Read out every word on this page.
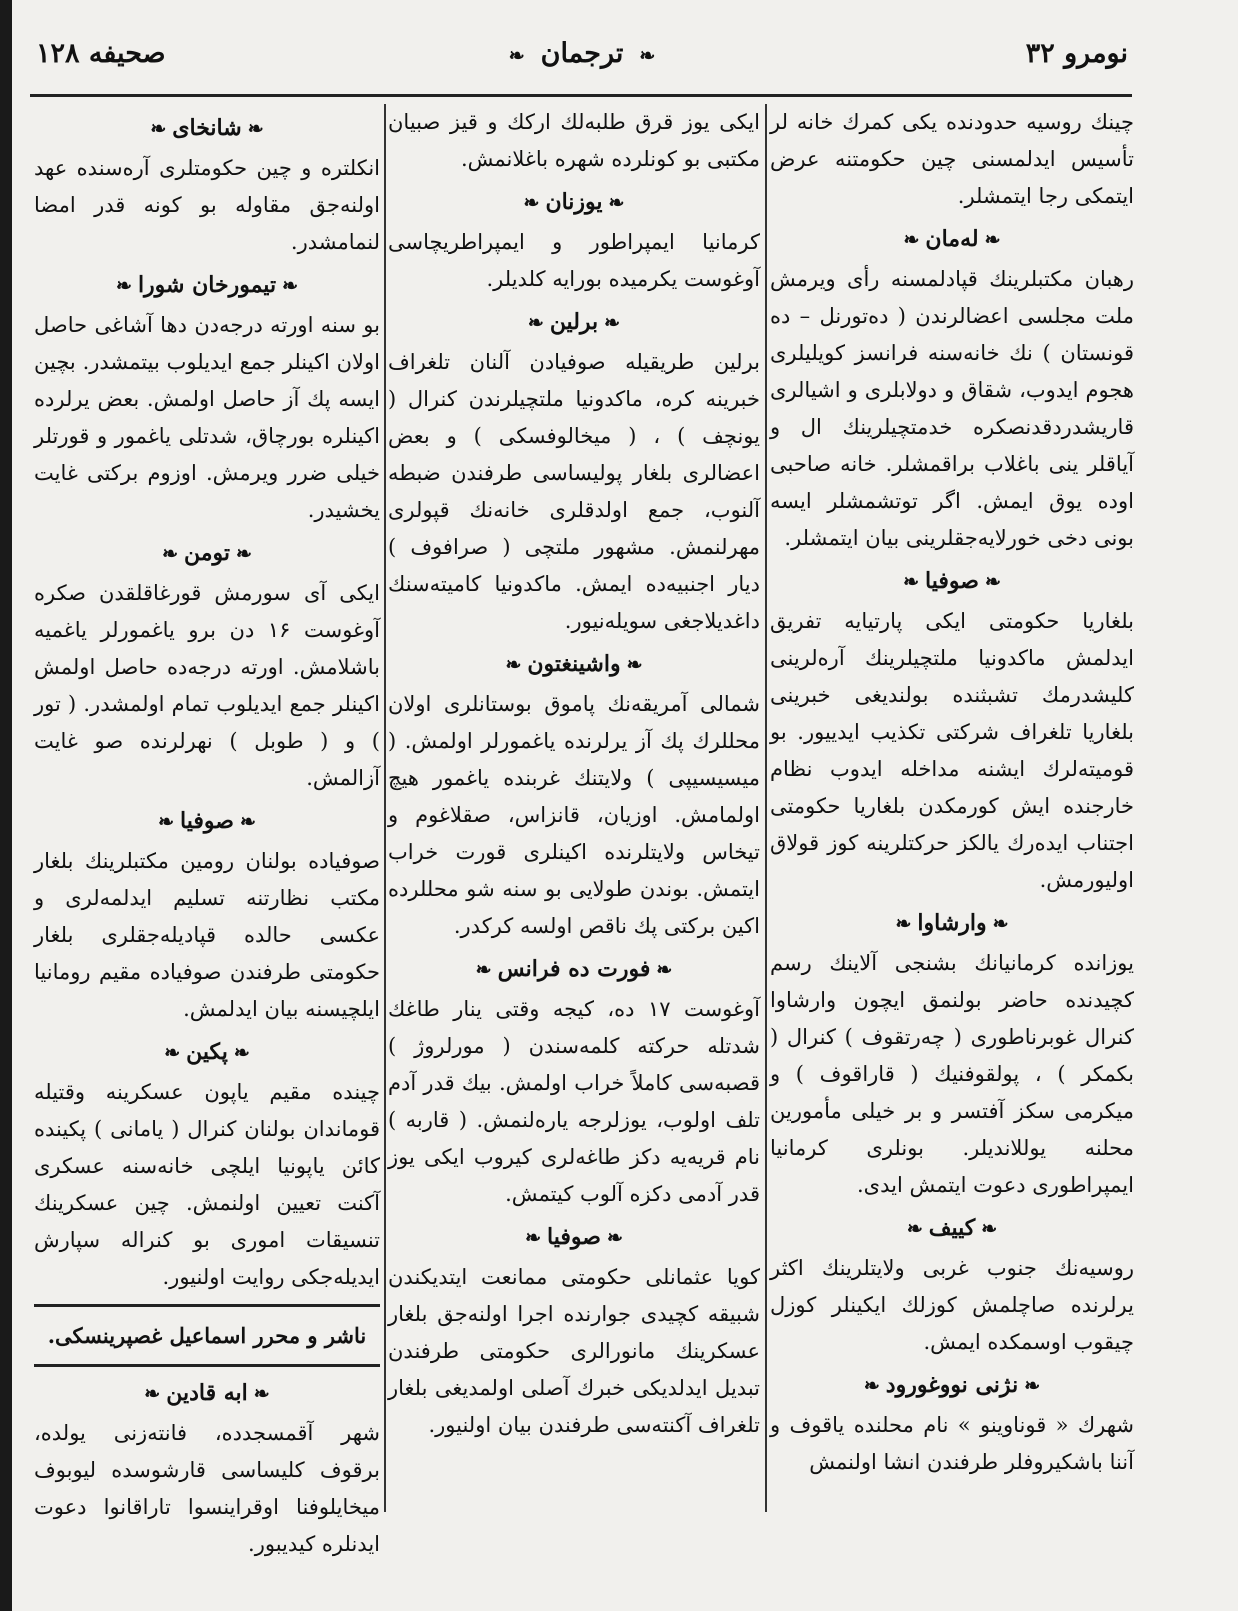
نومرو ۳۲
❧ترجمان❧
صحیفه ۱۲۸

چینك روسیه حدودنده یکی کمرك خانه لر تأسیس ایدلمسنی چین حکومتنه عرض ایتمکی رجا ایتمشلر.

❧لەمان❧

رهبان مکتبلرینك قپادلمسنه رأی ویرمش ملت مجلسی اعضالرندن ( دەتورنل – دە قونستان ) نك خانەسنه فرانسز کویلیلری هجوم ایدوب، شقاق و دولابلری و اشیالری قاریشدردقدنصکره خدمتچیلرینك ال و آیاقلر ینی باغلاب براقمشلر. خانه صاحبی اوده یوق ایمش. اگر توتشمشلر ایسه بونی دخی خورلایەجقلرینی بیان ایتمشلر.

❧صوفیا❧

بلغاریا حکومتی ایکی پارتیایه تفریق ایدلمش ماکدونیا ملتچیلرینك آرەلرینی کلیشدرمك تشبثنده بولندیغی خبرینی بلغاریا تلغراف شرکتی تکذیب ایدییور. بو قومیتەلرك ایشنه مداخله ایدوب نظام خارجنده ایش کورمکدن بلغاریا حکومتی اجتناب ایدەرك یالکز حرکتلرینه کوز قولاق اولیورمش.

❧وارشاوا❧

یوزانده کرمانیانك بشنجی آلاینك رسم کچیدنده حاضر بولنمق ایچون وارشاوا کنرال غوبرناطوری ( چەرتقوف ) کنرال ( بکمکر ) ، پولقوفنیك ( قاراقوف ) و میکرمی سکز آفتسر و بر خیلی مأمورین محلنه یوللاندیلر. بونلری کرمانیا ایمپراطوری دعوت ایتمش ایدی.

❧کییف❧

روسیەنك جنوب غربی ولایتلرینك اکثر یرلرنده صاچلمش کوزلك ایکینلر کوزل چیقوب اوسمکده ایمش.

❧نژنی نووغورود❧

شهرك « قوناوینو » نام محلنده یاقوف و آننا باشکیروفلر طرفندن انشا اولنمش

ایکی یوز قرق طلبەلك ارکك و قیز صبیان مکتبی بو کونلرده شهره باغلانمش.

❧یوزنان❧

کرمانیا ایمپراطور و ایمپراطریچاسی آوغوست یکرمیده بورایه کلدیلر.

❧برلین❧

برلین طریقیله صوفیادن آلنان تلغراف خبرینه کره، ماکدونیا ملتچیلرندن کنرال ( یونچف ) ، ( میخالوفسکی ) و بعض اعضالری بلغار پولیساسی طرفندن ضبطه آلنوب، جمع اولدقلری خانەنك قپولری مهرلنمش. مشهور ملتچی ( صرافوف ) دیار اجنبیەده ایمش. ماکدونیا کامیتەسنك داغدیلاجغی سویلەنیور.

❧واشینغتون❧

شمالی آمریقەنك پاموق بوستانلری اولان محللرك پك آز یرلرنده یاغمورلر اولمش. ( میسیسیپی ) ولایتنك غربنده یاغمور هیچ اولمامش. اوزیان، قانزاس، صقلاغوم و تیخاس ولایتلرنده اکینلری قورت خراب ایتمش. بوندن طولایی بو سنه شو محللرده اکین برکتی پك ناقص اولسه کرکدر.

❧فورت ده فرانس❧

آوغوست ۱۷ ده، کیجه وقتی ینار طاغك شدتله حرکته کلمەسندن ( مورلروژ ) قصبەسی کاملاً خراب اولمش. بیك قدر آدم تلف اولوب، یوزلرجه یارەلنمش. ( قاربه ) نام قریەیه دکز طاغەلری کیروب ایکی یوز قدر آدمی دکزه آلوب کیتمش.

❧صوفیا❧

کویا عثمانلی حکومتی ممانعت ایتدیکندن شبیقه کچیدی جوارنده اجرا اولنەجق بلغار عسکرینك مانورالری حکومتی طرفندن تبدیل ایدلدیکی خبرك آصلی اولمدیغی بلغار تلغراف آکنته‌سی طرفندن بیان اولنیور.

❧شانخای❧

انکلتره و چین حکومتلری آرەسنده عهد اولنەجق مقاوله بو کونه قدر امضا لنمامشدر.

❧تیمورخان شورا❧

بو سنه اورته درجەدن دها آشاغی حاصل اولان اکینلر جمع ایدیلوب بیتمشدر. بچین ایسه پك آز حاصل اولمش. بعض یرلرده اکینلره بورچاق، شدتلی یاغمور و قورتلر خیلی ضرر ویرمش. اوزوم برکتی غایت یخشیدر.

❧تومن❧

ایکی آی سورمش قورغاقلقدن صکره آوغوست ۱۶ دن برو یاغمورلر یاغمیه باشلامش. اورته درجەده حاصل اولمش اکینلر جمع ایدیلوب تمام اولمشدر. ( تور ) و ( طوبل ) نهرلرنده صو غایت آزالمش.

❧صوفیا❧

صوفیاده بولنان رومین مکتبلرینك بلغار مکتب نظارتنه تسلیم ایدلمەلری و عکسی حالده قپادیلەجقلری بلغار حکومتی طرفندن صوفیاده مقیم رومانیا ایلچیسنه بیان ایدلمش.

❧پکین❧

چینده مقیم یاپون عسکرینه وقتیله قوماندان بولنان کنرال ( یامانی ) پکینده کائن یاپونیا ایلچی خانەسنه عسکری آکنت تعیین اولنمش. چین عسکرینك تنسیقات اموری بو کنراله سپارش ایدیلەجکی روایت اولنیور.

ناشر و محرر اسماعیل غصپرینسکی.
❧ابه قادین❧

شهر آقمسجدده، فانتەزنی یولده، برقوف کلیساسی قارشوسده لیوبوف میخایلوفنا اوقراینسوا تاراقانوا دعوت ایدنلره کیدیبور.
